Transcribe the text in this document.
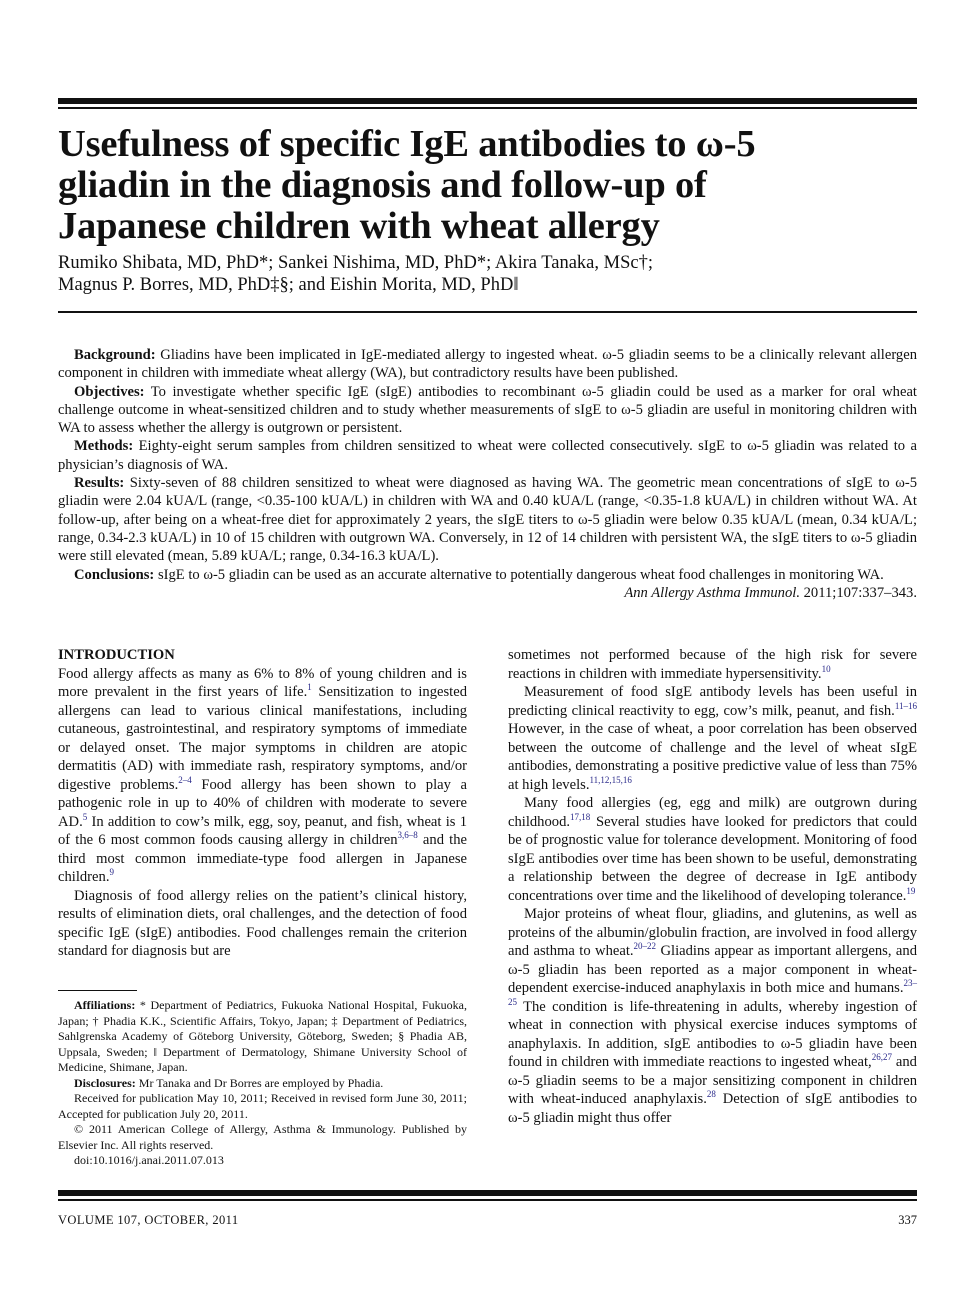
Usefulness of specific IgE antibodies to ω-5
gliadin in the diagnosis and follow-up of
Japanese children with wheat allergy
Rumiko Shibata, MD, PhD*; Sankei Nishima, MD, PhD*; Akira Tanaka, MSc†;
Magnus P. Borres, MD, PhD‡§; and Eishin Morita, MD, PhD‖

Background: Gliadins have been implicated in IgE-mediated allergy to ingested wheat. ω-5 gliadin seems to be a clinically relevant allergen component in children with immediate wheat allergy (WA), but contradictory results have been published.

Objectives: To investigate whether specific IgE (sIgE) antibodies to recombinant ω-5 gliadin could be used as a marker for oral wheat challenge outcome in wheat-sensitized children and to study whether measurements of sIgE to ω-5 gliadin are useful in monitoring children with WA to assess whether the allergy is outgrown or persistent.

Methods: Eighty-eight serum samples from children sensitized to wheat were collected consecutively. sIgE to ω-5 gliadin was related to a physician’s diagnosis of WA.

Results: Sixty-seven of 88 children sensitized to wheat were diagnosed as having WA. The geometric mean concentrations of sIgE to ω-5 gliadin were 2.04 kUA/L (range, <0.35-100 kUA/L) in children with WA and 0.40 kUA/L (range, <0.35-1.8 kUA/L) in children without WA. At follow-up, after being on a wheat-free diet for approximately 2 years, the sIgE titers to ω-5 gliadin were below 0.35 kUA/L (mean, 0.34 kUA/L; range, 0.34-2.3 kUA/L) in 10 of 15 children with outgrown WA. Conversely, in 12 of 14 children with persistent WA, the sIgE titers to ω-5 gliadin were still elevated (mean, 5.89 kUA/L; range, 0.34-16.3 kUA/L).

Conclusions: sIgE to ω-5 gliadin can be used as an accurate alternative to potentially dangerous wheat food challenges in monitoring WA.

Ann Allergy Asthma Immunol. 2011;107:337–343.
INTRODUCTION

Food allergy affects as many as 6% to 8% of young children and is more prevalent in the first years of life.$^1$ Sensitization to ingested allergens can lead to various clinical manifestations, including cutaneous, gastrointestinal, and respiratory symptoms of immediate or delayed onset. The major symptoms in children are atopic dermatitis (AD) with immediate rash, respiratory symptoms, and/or digestive problems.$^{2-4}$ Food allergy has been shown to play a pathogenic role in up to 40% of children with moderate to severe AD.$^5$ In addition to cow’s milk, egg, soy, peanut, and fish, wheat is 1 of the 6 most common foods causing allergy in children$^{3,6-8}$ and the third most common immediate-type food allergen in Japanese children.$^9$

Diagnosis of food allergy relies on the patient’s clinical history, results of elimination diets, oral challenges, and the detection of food specific IgE (sIgE) antibodies. Food challenges remain the criterion standard for diagnosis but are

Affiliations: * Department of Pediatrics, Fukuoka National Hospital, Fukuoka, Japan; † Phadia K.K., Scientific Affairs, Tokyo, Japan; ‡ Department of Pediatrics, Sahlgrenska Academy of Göteborg University, Göteborg, Sweden; § Phadia AB, Uppsala, Sweden; ‖ Department of Dermatology, Shimane University School of Medicine, Shimane, Japan.

Disclosures: Mr Tanaka and Dr Borres are employed by Phadia.

Received for publication May 10, 2011; Received in revised form June 30, 2011; Accepted for publication July 20, 2011.

© 2011 American College of Allergy, Asthma & Immunology. Published by Elsevier Inc. All rights reserved.

doi:10.1016/j.anai.2011.07.013

sometimes not performed because of the high risk for severe reactions in children with immediate hypersensitivity.$^{10}$

Measurement of food sIgE antibody levels has been useful in predicting clinical reactivity to egg, cow’s milk, peanut, and fish.$^{11-16}$ However, in the case of wheat, a poor correlation has been observed between the outcome of challenge and the level of wheat sIgE antibodies, demonstrating a positive predictive value of less than 75% at high levels.$^{11,12,15,16}$

Many food allergies (eg, egg and milk) are outgrown during childhood.$^{17,18}$ Several studies have looked for predictors that could be of prognostic value for tolerance development. Monitoring of food sIgE antibodies over time has been shown to be useful, demonstrating a relationship between the degree of decrease in IgE antibody concentrations over time and the likelihood of developing tolerance.$^{19}$

Major proteins of wheat flour, gliadins, and glutenins, as well as proteins of the albumin/globulin fraction, are involved in food allergy and asthma to wheat.$^{20-22}$ Gliadins appear as important allergens, and ω-5 gliadin has been reported as a major component in wheat-dependent exercise-induced anaphylaxis in both mice and humans.$^{23-25}$ The condition is life-threatening in adults, whereby ingestion of wheat in connection with physical exercise induces symptoms of anaphylaxis. In addition, sIgE antibodies to ω-5 gliadin have been found in children with immediate reactions to ingested wheat,$^{26,27}$ and ω-5 gliadin seems to be a major sensitizing component in children with wheat-induced anaphylaxis.$^{28}$ Detection of sIgE antibodies to ω-5 gliadin might thus offer

VOLUME 107, OCTOBER, 2011	337
